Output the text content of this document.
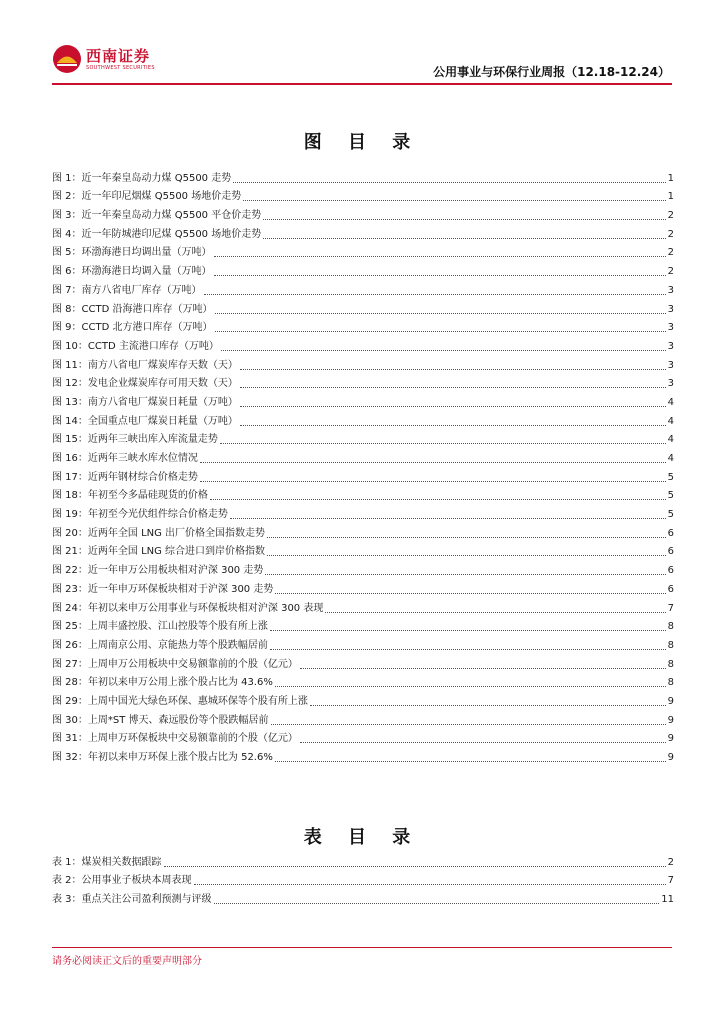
西南证券
SOUTHWEST SECURITIES	公用事业与环保行业周报（12.18-12.24）
图 目 录
图 1：近一年秦皇岛动力煤 Q5500 走势	1
图 2：近一年印尼烟煤 Q5500 场地价走势	1
图 3：近一年秦皇岛动力煤 Q5500 平仓价走势	2
图 4：近一年防城港印尼煤 Q5500 场地价走势	2
图 5：环渤海港日均调出量（万吨）	2
图 6：环渤海港日均调入量（万吨）	2
图 7：南方八省电厂库存（万吨）	3
图 8：CCTD 沿海港口库存（万吨）	3
图 9：CCTD 北方港口库存（万吨）	3
图 10：CCTD 主流港口库存（万吨）	3
图 11：南方八省电厂煤炭库存天数（天）	3
图 12：发电企业煤炭库存可用天数（天）	3
图 13：南方八省电厂煤炭日耗量（万吨）	4
图 14：全国重点电厂煤炭日耗量（万吨）	4
图 15：近两年三峡出库入库流量走势	4
图 16：近两年三峡水库水位情况	4
图 17：近两年钢材综合价格走势	5
图 18：年初至今多晶硅现货的价格	5
图 19：年初至今光伏组件综合价格走势	5
图 20：近两年全国 LNG 出厂价格全国指数走势	6
图 21：近两年全国 LNG 综合进口到岸价格指数	6
图 22：近一年申万公用板块相对沪深 300 走势	6
图 23：近一年申万环保板块相对于沪深 300 走势	6
图 24：年初以来申万公用事业与环保板块相对沪深 300 表现	7
图 25：上周丰盛控股、江山控股等个股有所上涨	8
图 26：上周南京公用、京能热力等个股跌幅居前	8
图 27：上周申万公用板块中交易额靠前的个股（亿元）	8
图 28：年初以来申万公用上涨个股占比为 43.6%	8
图 29：上周中国光大绿色环保、惠城环保等个股有所上涨	9
图 30：上周*ST 博天、森远股份等个股跌幅居前	9
图 31：上周申万环保板块中交易额靠前的个股（亿元）	9
图 32：年初以来申万环保上涨个股占比为 52.6%	9
表 目 录
表 1：煤炭相关数据跟踪	2
表 2：公用事业子板块本周表现	7
表 3：重点关注公司盈利预测与评级	11
请务必阅读正文后的重要声明部分
